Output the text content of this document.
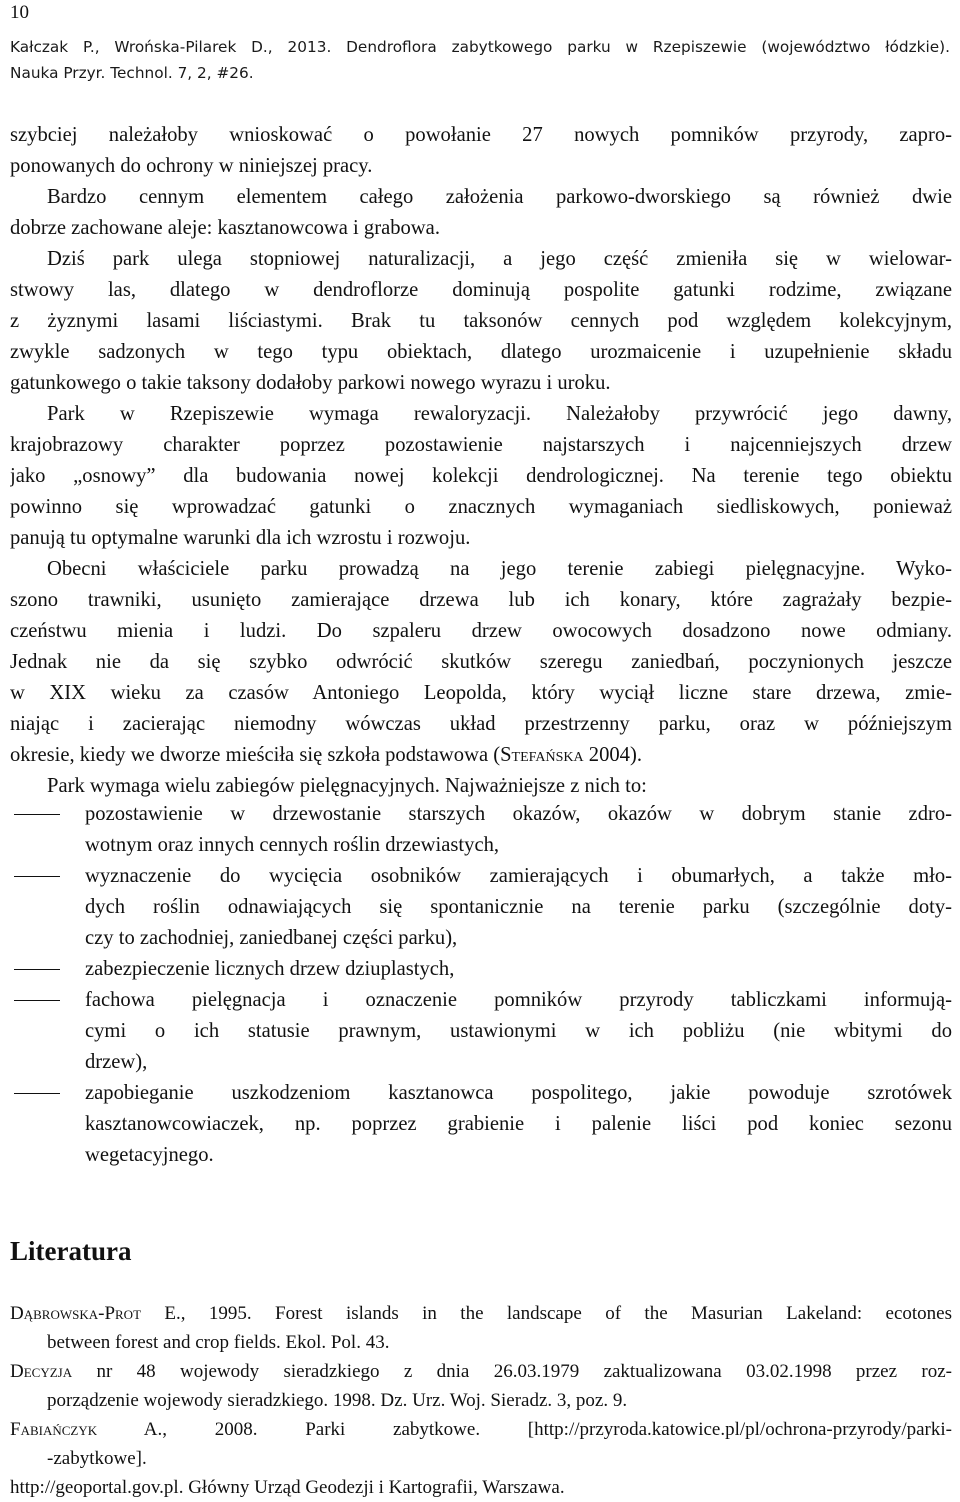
10
Kałczak P., Wrońska-Pilarek D., 2013. Dendroflora zabytkowego parku w Rzepiszewie (województwo łódzkie).
Nauka Przyr. Technol. 7, 2, #26.
szybciej należałoby wnioskować o powołanie 27 nowych pomników przyrody, zapro-
ponowanych do ochrony w niniejszej pracy.
Bardzo cennym elementem całego założenia parkowo-dworskiego są również dwie
dobrze zachowane aleje: kasztanowcowa i grabowa.
Dziś park ulega stopniowej naturalizacji, a jego część zmieniła się w wielowar-
stwowy las, dlatego w dendroflorze dominują pospolite gatunki rodzime, związane
z żyznymi lasami liściastymi. Brak tu taksonów cennych pod względem kolekcyjnym,
zwykle sadzonych w tego typu obiektach, dlatego urozmaicenie i uzupełnienie składu
gatunkowego o takie taksony dodałoby parkowi nowego wyrazu i uroku.
Park w Rzepiszewie wymaga rewaloryzacji. Należałoby przywrócić jego dawny,
krajobrazowy charakter poprzez pozostawienie najstarszych i najcenniejszych drzew
jako „osnowy” dla budowania nowej kolekcji dendrologicznej. Na terenie tego obiektu
powinno się wprowadzać gatunki o znacznych wymaganiach siedliskowych, ponieważ
panują tu optymalne warunki dla ich wzrostu i rozwoju.
Obecni właściciele parku prowadzą na jego terenie zabiegi pielęgnacyjne. Wyko-
szono trawniki, usunięto zamierające drzewa lub ich konary, które zagrażały bezpie-
czeństwu mienia i ludzi. Do szpaleru drzew owocowych dosadzono nowe odmiany.
Jednak nie da się szybko odwrócić skutków szeregu zaniedbań, poczynionych jeszcze
w XIX wieku za czasów Antoniego Leopolda, który wyciął liczne stare drzewa, zmie-
niając i zacierając niemodny wówczas układ przestrzenny parku, oraz w późniejszym
okresie, kiedy we dworze mieściła się szkoła podstawowa (Stefańska 2004).
Park wymaga wielu zabiegów pielęgnacyjnych. Najważniejsze z nich to:
pozostawienie w drzewostanie starszych okazów, okazów w dobrym stanie zdro-
wotnym oraz innych cennych roślin drzewiastych,
wyznaczenie do wycięcia osobników zamierających i obumarłych, a także mło-
dych roślin odnawiających się spontanicznie na terenie parku (szczególnie doty-
czy to zachodniej, zaniedbanej części parku),
zabezpieczenie licznych drzew dziuplastych,
fachowa pielęgnacja i oznaczenie pomników przyrody tabliczkami informują-
cymi o ich statusie prawnym, ustawionymi w ich pobliżu (nie wbitymi do
drzew),
zapobieganie uszkodzeniom kasztanowca pospolitego, jakie powoduje szrotówek
kasztanowcowiaczek, np. poprzez grabienie i palenie liści pod koniec sezonu
wegetacyjnego.
Literatura
Dąbrowska-Prot E., 1995. Forest islands in the landscape of the Masurian Lakeland: ecotones
between forest and crop fields. Ekol. Pol. 43.
Decyzja nr 48 wojewody sieradzkiego z dnia 26.03.1979 zaktualizowana 03.02.1998 przez roz-
porządzenie wojewody sieradzkiego. 1998. Dz. Urz. Woj. Sieradz. 3, poz. 9.
Fabiańczyk A., 2008. Parki zabytkowe. [http://przyroda.katowice.pl/pl/ochrona-przyrody/parki-
-zabytkowe].
http://geoportal.gov.pl. Główny Urząd Geodezji i Kartografii, Warszawa.
